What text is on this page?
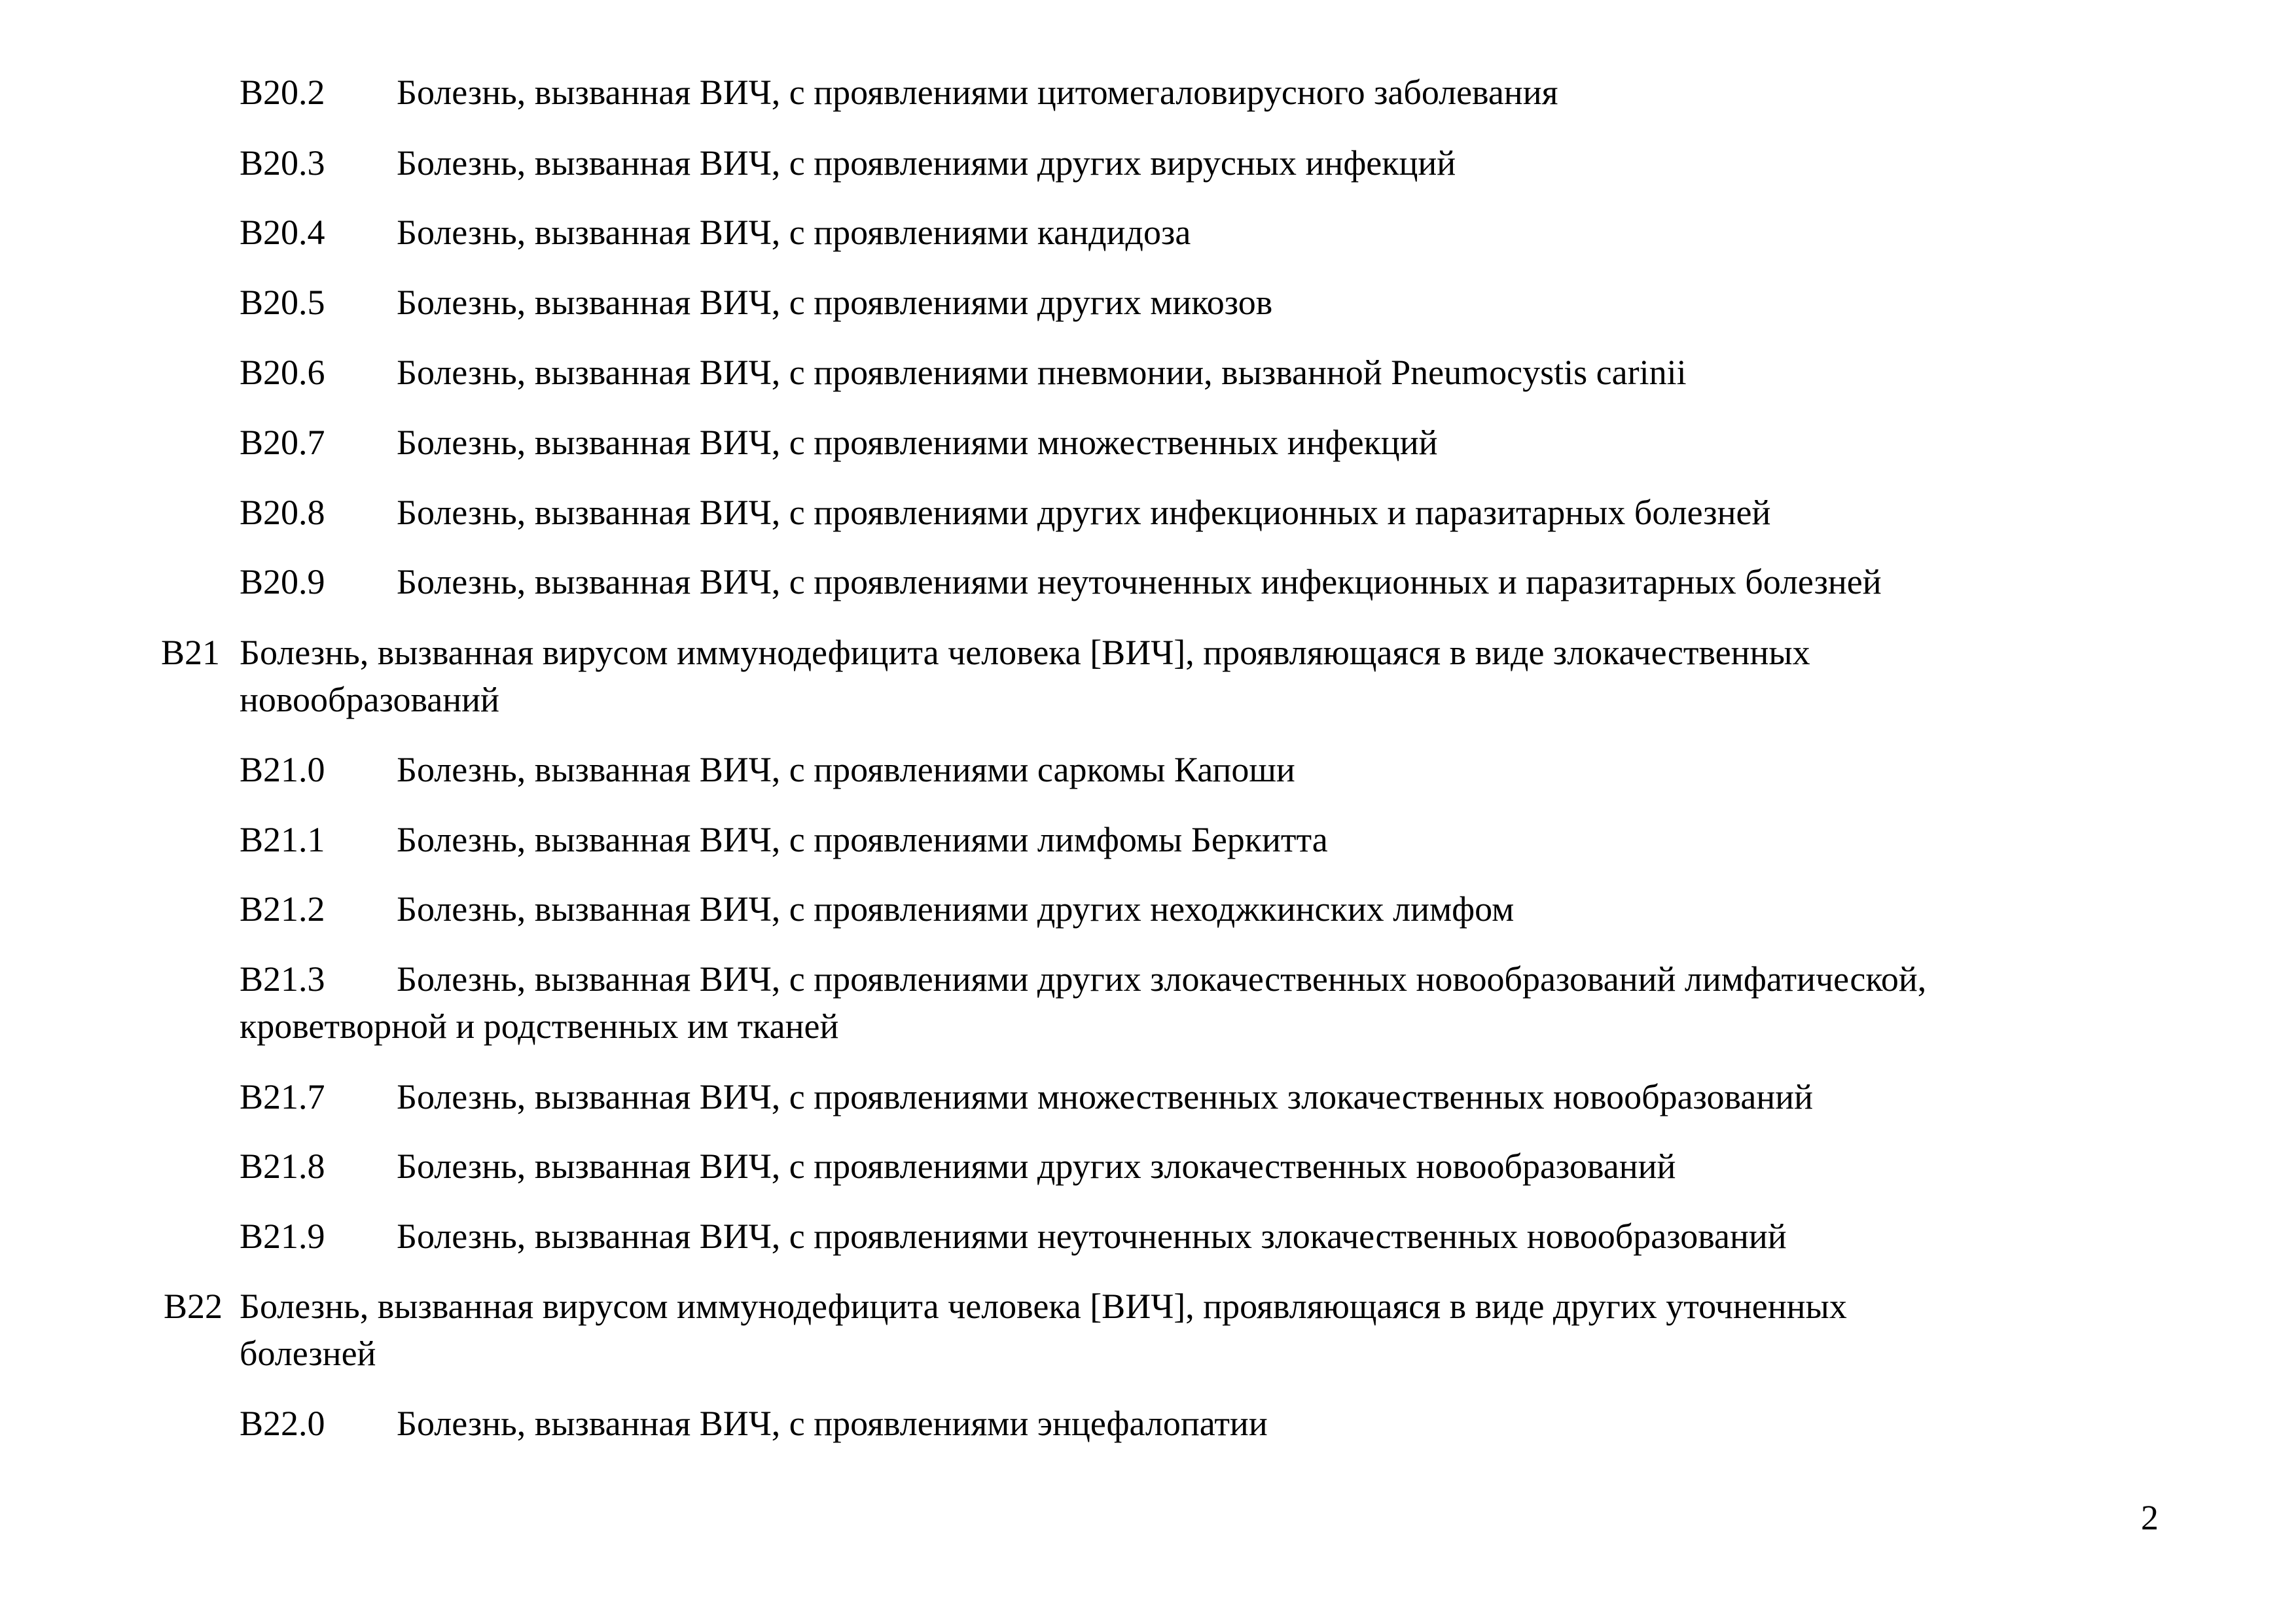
B20.2 Болезнь, вызванная ВИЧ, с проявлениями цитомегаловирусного заболевания
B20.3 Болезнь, вызванная ВИЧ, с проявлениями других вирусных инфекций
B20.4 Болезнь, вызванная ВИЧ, с проявлениями кандидоза
B20.5 Болезнь, вызванная ВИЧ, с проявлениями других микозов
B20.6 Болезнь, вызванная ВИЧ, с проявлениями пневмонии, вызванной Pneumocystis carinii
B20.7 Болезнь, вызванная ВИЧ, с проявлениями множественных инфекций
B20.8 Болезнь, вызванная ВИЧ, с проявлениями других инфекционных и паразитарных болезней
B20.9 Болезнь, вызванная ВИЧ, с проявлениями неуточненных инфекционных и паразитарных болезней
B21 Болезнь, вызванная вирусом иммунодефицита человека [ВИЧ], проявляющаяся в виде злокачественных
новообразований
B21.0 Болезнь, вызванная ВИЧ, с проявлениями саркомы Капоши
B21.1 Болезнь, вызванная ВИЧ, с проявлениями лимфомы Беркитта
B21.2 Болезнь, вызванная ВИЧ, с проявлениями других неходжкинских лимфом
B21.3 Болезнь, вызванная ВИЧ, с проявлениями других злокачественных новообразований лимфатической,
кроветворной и родственных им тканей
B21.7 Болезнь, вызванная ВИЧ, с проявлениями множественных злокачественных новообразований
B21.8 Болезнь, вызванная ВИЧ, с проявлениями других злокачественных новообразований
B21.9 Болезнь, вызванная ВИЧ, с проявлениями неуточненных злокачественных новообразований
B22 Болезнь, вызванная вирусом иммунодефицита человека [ВИЧ], проявляющаяся в виде других уточненных
болезней
B22.0 Болезнь, вызванная ВИЧ, с проявлениями энцефалопатии
2
